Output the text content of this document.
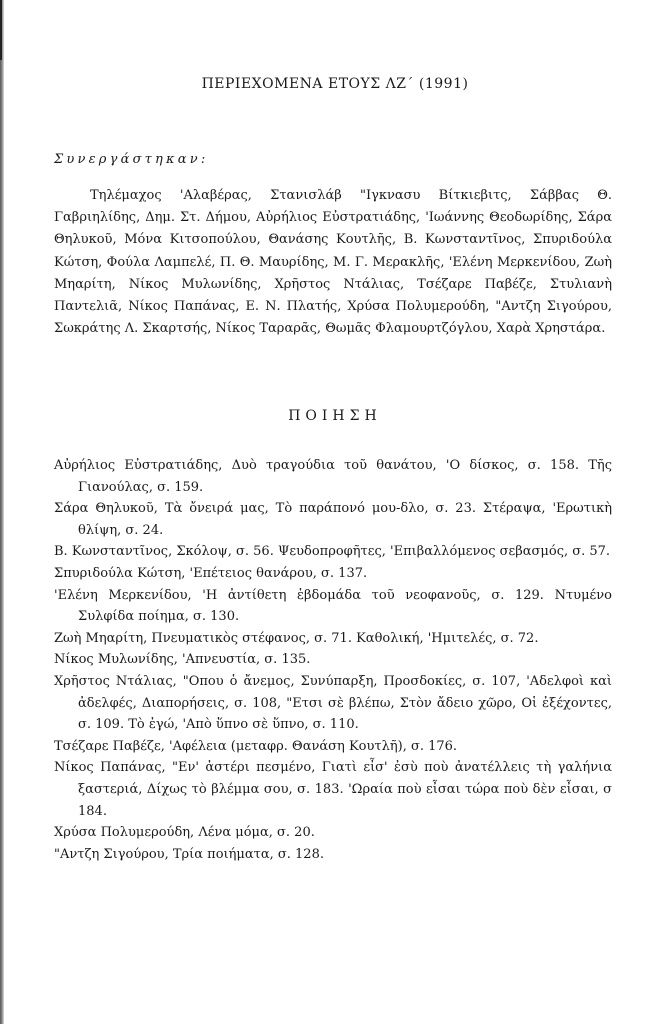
ΠΕΡΙΕΧΟΜΕΝΑ ΕΤΟΥΣ ΛΖ΄ (1991)
Συνεργάστηκαν:
Τηλέμαχος 'Αλαβέρας, Στανισλάβ "Ιγκνασυ Βίτκιεβιτς, Σάββας Θ. Γαβριηλίδης, Δημ. Στ. Δήμου, Αὐρήλιος Εὐστρατιάδης, 'Ιωάννης Θεοδωρίδης, Σάρα Θηλυκοῦ, Μόνα Κιτσοπούλου, Θανάσης Κουτλῆς, Β. Κωνσταντῖνος, Σπυριδούλα Κώτση, Φούλα Λαμπελέ, Π. Θ. Μαυρίδης, Μ. Γ. Μερακλῆς, 'Ελένη Μερκενίδου, Ζωὴ Μηαρίτη, Νίκος Μυλωνίδης, Χρῆστος Ντάλιας, Τσέζαρε Παβέζε, Στυλιανὴ Παντελιᾶ, Νίκος Παπάνας, Ε. Ν. Πλατής, Χρύσα Πολυμερούδη, "Αντζη Σιγούρου, Σωκράτης Λ. Σκαρτσής, Νίκος Ταραρᾶς, Θωμᾶς Φλαμουρτζόγλου, Χαρὰ Χρηστάρα.
ΠΟΙΗΣΗ
Αὐρήλιος Εὐστρατιάδης, Δυὸ τραγούδια τοῦ θανάτου, 'Ο δίσκος, σ. 158. Τῆς Γιανούλας, σ. 159.
Σάρα Θηλυκοῦ, Τὰ ὄνειρά μας, Τὸ παράπονό μου-δλο, σ. 23. Στέραψα, 'Ερωτικὴ θλίψη, σ. 24.
Β. Κωνσταντῖνος, Σκόλοψ, σ. 56. Ψευδοπροφῆτες, 'Επιβαλλόμενος σεβασμός, σ. 57.
Σπυριδούλα Κώτση, 'Επέτειος θανάρου, σ. 137.
'Ελένη Μερκενίδου, 'Η ἀντίθετη ἑβδομάδα τοῦ νεοφανοῦς, σ. 129. Ντυμένο Συλφίδα ποίημα, σ. 130.
Ζωὴ Μηαρίτη, Πνευματικὸς στέφανος, σ. 71. Καθολική, 'Ημιτελές, σ. 72.
Νίκος Μυλωνίδης, 'Απνευστία, σ. 135.
Χρῆστος Ντάλιας, "Οπου ὁ ἄνεμος, Συνύπαρξη, Προσδοκίες, σ. 107, 'Αδελφοὶ καὶ ἀδελφές, Διαπορήσεις, σ. 108, "Ετσι σὲ βλέπω, Στὸν ἄδειο χῶρο, Οἱ ἐξέχοντες, σ. 109. Τὸ ἐγώ, 'Απὸ ὕπνο σὲ ὕπνο, σ. 110.
Τσέζαρε Παβέζε, 'Αφέλεια (μεταφρ. Θανάση Κουτλῆ), σ. 176.
Νίκος Παπάνας, "Εν' ἀστέρι πεσμένο, Γιατὶ εἶσ' ἐσὺ ποὺ ἀνατέλλεις τὴ γαλήνια ξαστεριά, Δίχως τὸ βλέμμα σου, σ. 183. 'Ωραία ποὺ εἶσαι τώρα ποὺ δὲν εἶσαι, σ 184.
Χρύσα Πολυμερούδη, Λένα μόμα, σ. 20.
"Αντζη Σιγούρου, Τρία ποιήματα, σ. 128.
